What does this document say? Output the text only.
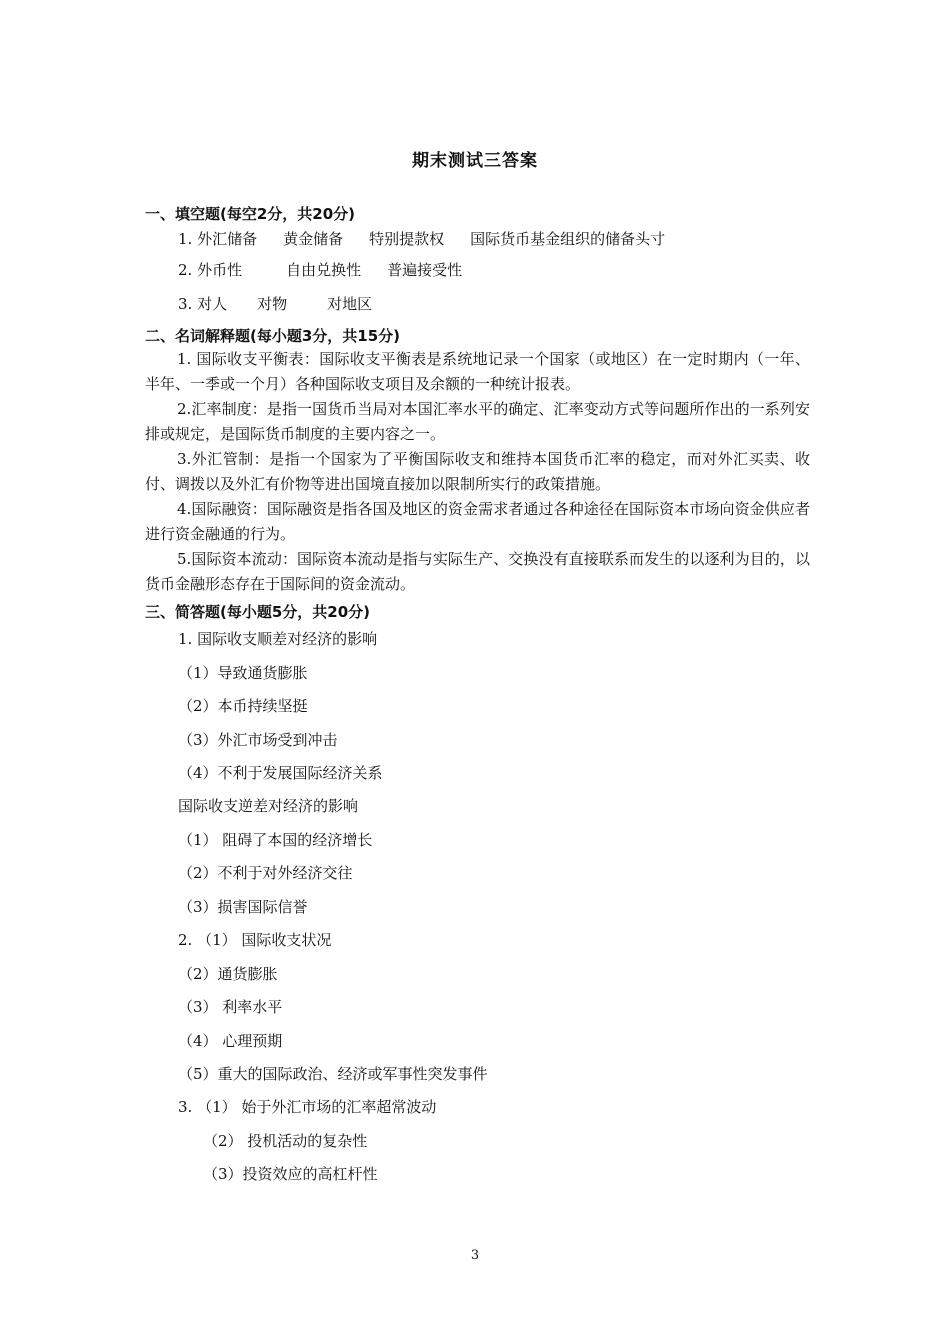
期末测试三答案
一、填空题(每空2分，共20分)
1. 外汇储备 黄金储备 特别提款权 国际货币基金组织的储备头寸
2. 外币性	自由兑换性 普遍接受性
3. 对人 对物	对地区
二、名词解释题(每小题3分，共15分)
1. 国际收支平衡表：国际收支平衡表是系统地记录一个国家（或地区）在一定时期内（一年、半年、一季或一个月）各种国际收支项目及余额的一种统计报表。
2.汇率制度：是指一国货币当局对本国汇率水平的确定、汇率变动方式等问题所作出的一系列安排或规定，是国际货币制度的主要内容之一。
3.外汇管制：是指一个国家为了平衡国际收支和维持本国货币汇率的稳定，而对外汇买卖、收付、调拨以及外汇有价物等进出国境直接加以限制所实行的政策措施。
4.国际融资：国际融资是指各国及地区的资金需求者通过各种途径在国际资本市场向资金供应者进行资金融通的行为。
5.国际资本流动：国际资本流动是指与实际生产、交换没有直接联系而发生的以逐利为目的，以货币金融形态存在于国际间的资金流动。
三、简答题(每小题5分，共20分)
1. 国际收支顺差对经济的影响
（1）导致通货膨胀
（2）本币持续坚挺
（3）外汇市场受到冲击
（4）不利于发展国际经济关系
国际收支逆差对经济的影响
（1） 阻碍了本国的经济增长
（2）不利于对外经济交往
（3）损害国际信誉
2. （1） 国际收支状况
（2）通货膨胀
（3） 利率水平
（4） 心理预期
（5）重大的国际政治、经济或军事性突发事件
3. （1） 始于外汇市场的汇率超常波动
（2） 投机活动的复杂性
（3）投资效应的高杠杆性
3
